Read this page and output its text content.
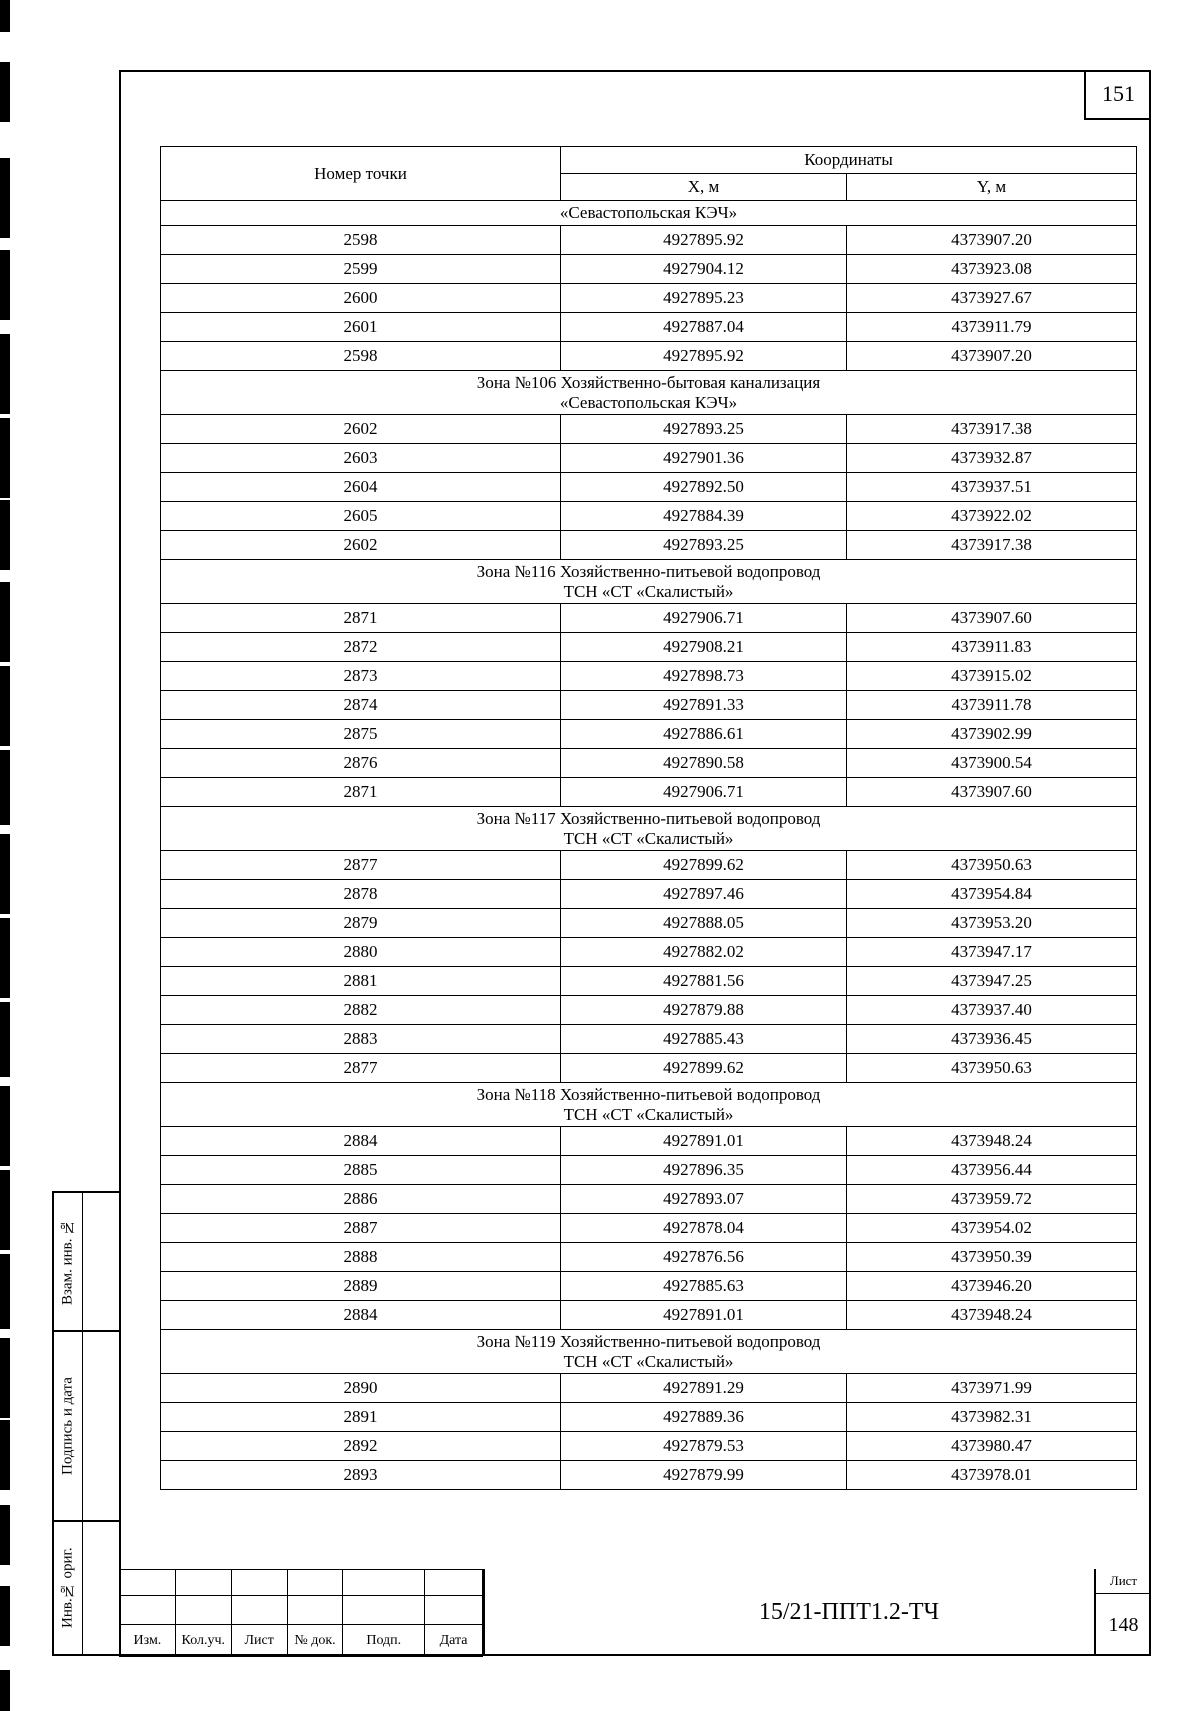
151
Номер точки	Координаты	
	X, м	Y, м
«Севастопольская КЭЧ»		
2598	4927895.92	4373907.20
2599	4927904.12	4373923.08
2600	4927895.23	4373927.67
2601	4927887.04	4373911.79
2598	4927895.92	4373907.20

Зона №106 Хозяйственно-бытовая канализация
«Севастопольская КЭЧ»		

2602	4927893.25	4373917.38
2603	4927901.36	4373932.87
2604	4927892.50	4373937.51
2605	4927884.39	4373922.02
2602	4927893.25	4373917.38

Зона №116 Хозяйственно-питьевой водопровод
ТСН «СТ «Скалистый»		

2871	4927906.71	4373907.60
2872	4927908.21	4373911.83
2873	4927898.73	4373915.02
2874	4927891.33	4373911.78
2875	4927886.61	4373902.99
2876	4927890.58	4373900.54
2871	4927906.71	4373907.60

Зона №117 Хозяйственно-питьевой водопровод
ТСН «СТ «Скалистый»		

2877	4927899.62	4373950.63
2878	4927897.46	4373954.84
2879	4927888.05	4373953.20
2880	4927882.02	4373947.17
2881	4927881.56	4373947.25
2882	4927879.88	4373937.40
2883	4927885.43	4373936.45
2877	4927899.62	4373950.63

Зона №118 Хозяйственно-питьевой водопровод
ТСН «СТ «Скалистый»		

2884	4927891.01	4373948.24
2885	4927896.35	4373956.44
2886	4927893.07	4373959.72
2887	4927878.04	4373954.02
2888	4927876.56	4373950.39
2889	4927885.63	4373946.20
2884	4927891.01	4373948.24

Зона №119 Хозяйственно-питьевой водопровод
ТСН «СТ «Скалистый»		

2890	4927891.29	4373971.99
2891	4927889.36	4373982.31
2892	4927879.53	4373980.47
2893	4927879.99	4373978.01
Взам. инв. №
Подпись и дата
Инв.№ ориг.

Изм.	Кол.уч.	Лист	№ док.	Подп.	Дата
15/21-ППТ1.2-ТЧ
Лист
148
